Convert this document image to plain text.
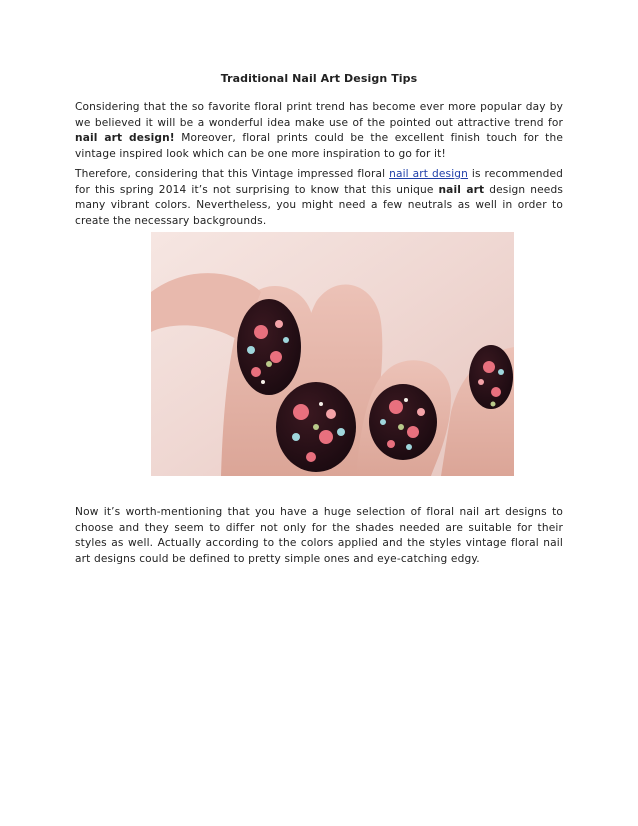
Traditional Nail Art Design Tips

Considering that the so favorite floral print trend has become ever more popular day by we believed it will be a wonderful idea make use of the pointed out attractive trend for nail art design! Moreover, floral prints could be the excellent finish touch for the vintage inspired look which can be one more inspiration to go for it!

Therefore, considering that this Vintage impressed floral nail art design is recommended for this spring 2014 it’s not surprising to know that this unique nail art design needs many vibrant colors. Nevertheless, you might need a few neutrals as well in order to create the necessary backgrounds.

Now it’s worth-mentioning that you have a huge selection of floral nail art designs to choose and they seem to differ not only for the shades needed are suitable for their styles as well. Actually according to the colors applied and the styles vintage floral nail art designs could be defined to pretty simple ones and eye-catching edgy.
